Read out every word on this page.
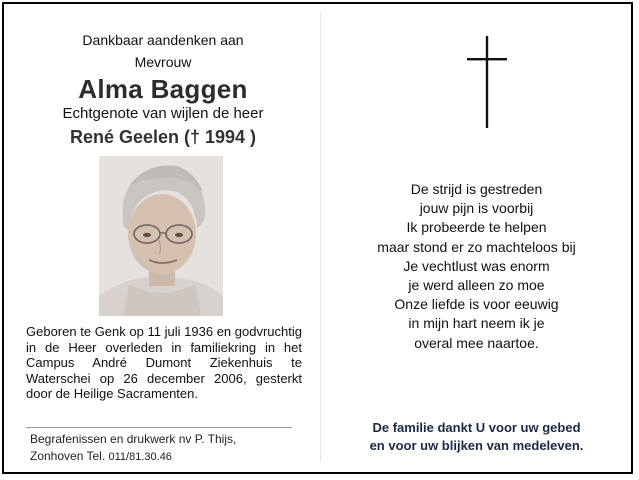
Dankbaar aandenken aan
Mevrouw
Alma Baggen
Echtgenote van wijlen de heer
René Geelen († 1994 )
Geboren te Genk op 11 juli 1936 en godvruchtig in de Heer overleden in familiekring in het Campus André Dumont Ziekenhuis te Waterschei op 26 december 2006, gesterkt door de Heilige Sacramenten.
Begrafenissen en drukwerk nv P. Thijs,
Zonhoven Tel. 011/81.30.46
De strijd is gestreden
jouw pijn is voorbij
Ik probeerde te helpen
maar stond er zo machteloos bij
Je vechtlust was enorm
je werd alleen zo moe
Onze liefde is voor eeuwig
in mijn hart neem ik je
overal mee naartoe.
De familie dankt U voor uw gebed
en voor uw blijken van medeleven.
